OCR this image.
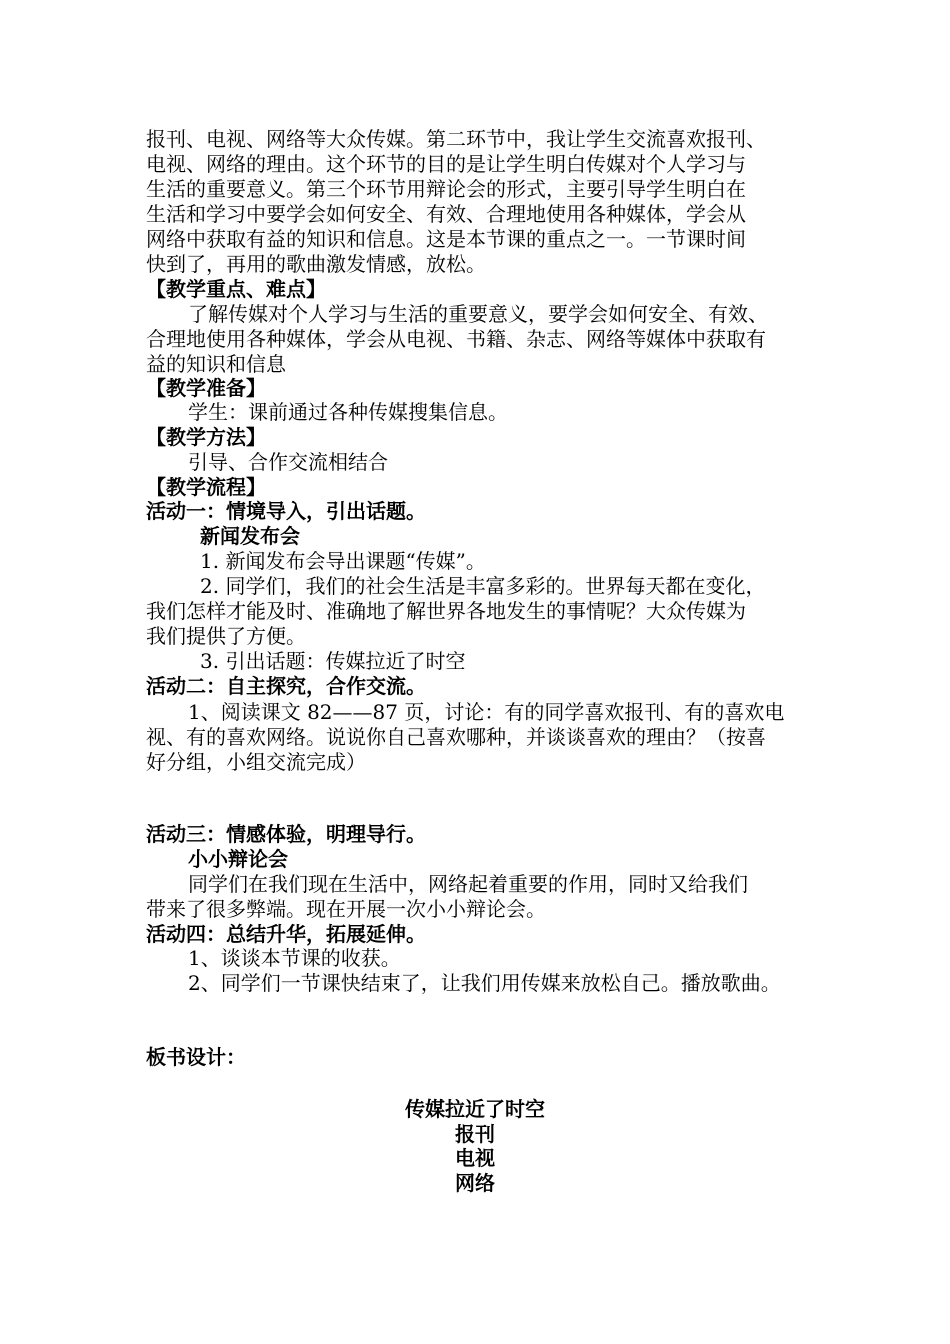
报刊、电视、网络等大众传媒。第二环节中，我让学生交流喜欢报刊、
电视、网络的理由。这个环节的目的是让学生明白传媒对个人学习与
生活的重要意义。第三个环节用辩论会的形式，主要引导学生明白在
生活和学习中要学会如何安全、有效、合理地使用各种媒体，学会从
网络中获取有益的知识和信息。这是本节课的重点之一。一节课时间
快到了，再用的歌曲激发情感，放松。
【教学重点、难点】
了解传媒对个人学习与生活的重要意义，要学会如何安全、有效、
合理地使用各种媒体，学会从电视、书籍、杂志、网络等媒体中获取有
益的知识和信息
【教学准备】
学生：课前通过各种传媒搜集信息。
【教学方法】
引导、合作交流相结合
【教学流程】
活动一：情境导入，引出话题。
新闻发布会
1. 新闻发布会导出课题“传媒”。
2. 同学们，我们的社会生活是丰富多彩的。世界每天都在变化，
我们怎样才能及时、准确地了解世界各地发生的事情呢？大众传媒为
我们提供了方便。
3. 引出话题：传媒拉近了时空
活动二：自主探究，合作交流。
1、阅读课文 82——87 页，讨论：有的同学喜欢报刊、有的喜欢电
视、有的喜欢网络。说说你自己喜欢哪种，并谈谈喜欢的理由？（按喜
好分组，小组交流完成）
活动三：情感体验，明理导行。
小小辩论会
同学们在我们现在生活中，网络起着重要的作用，同时又给我们
带来了很多弊端。现在开展一次小小辩论会。
活动四：总结升华，拓展延伸。
1、谈谈本节课的收获。
2、同学们一节课快结束了，让我们用传媒来放松自己。播放歌曲。
板书设计：
传媒拉近了时空
报刊
电视
网络
